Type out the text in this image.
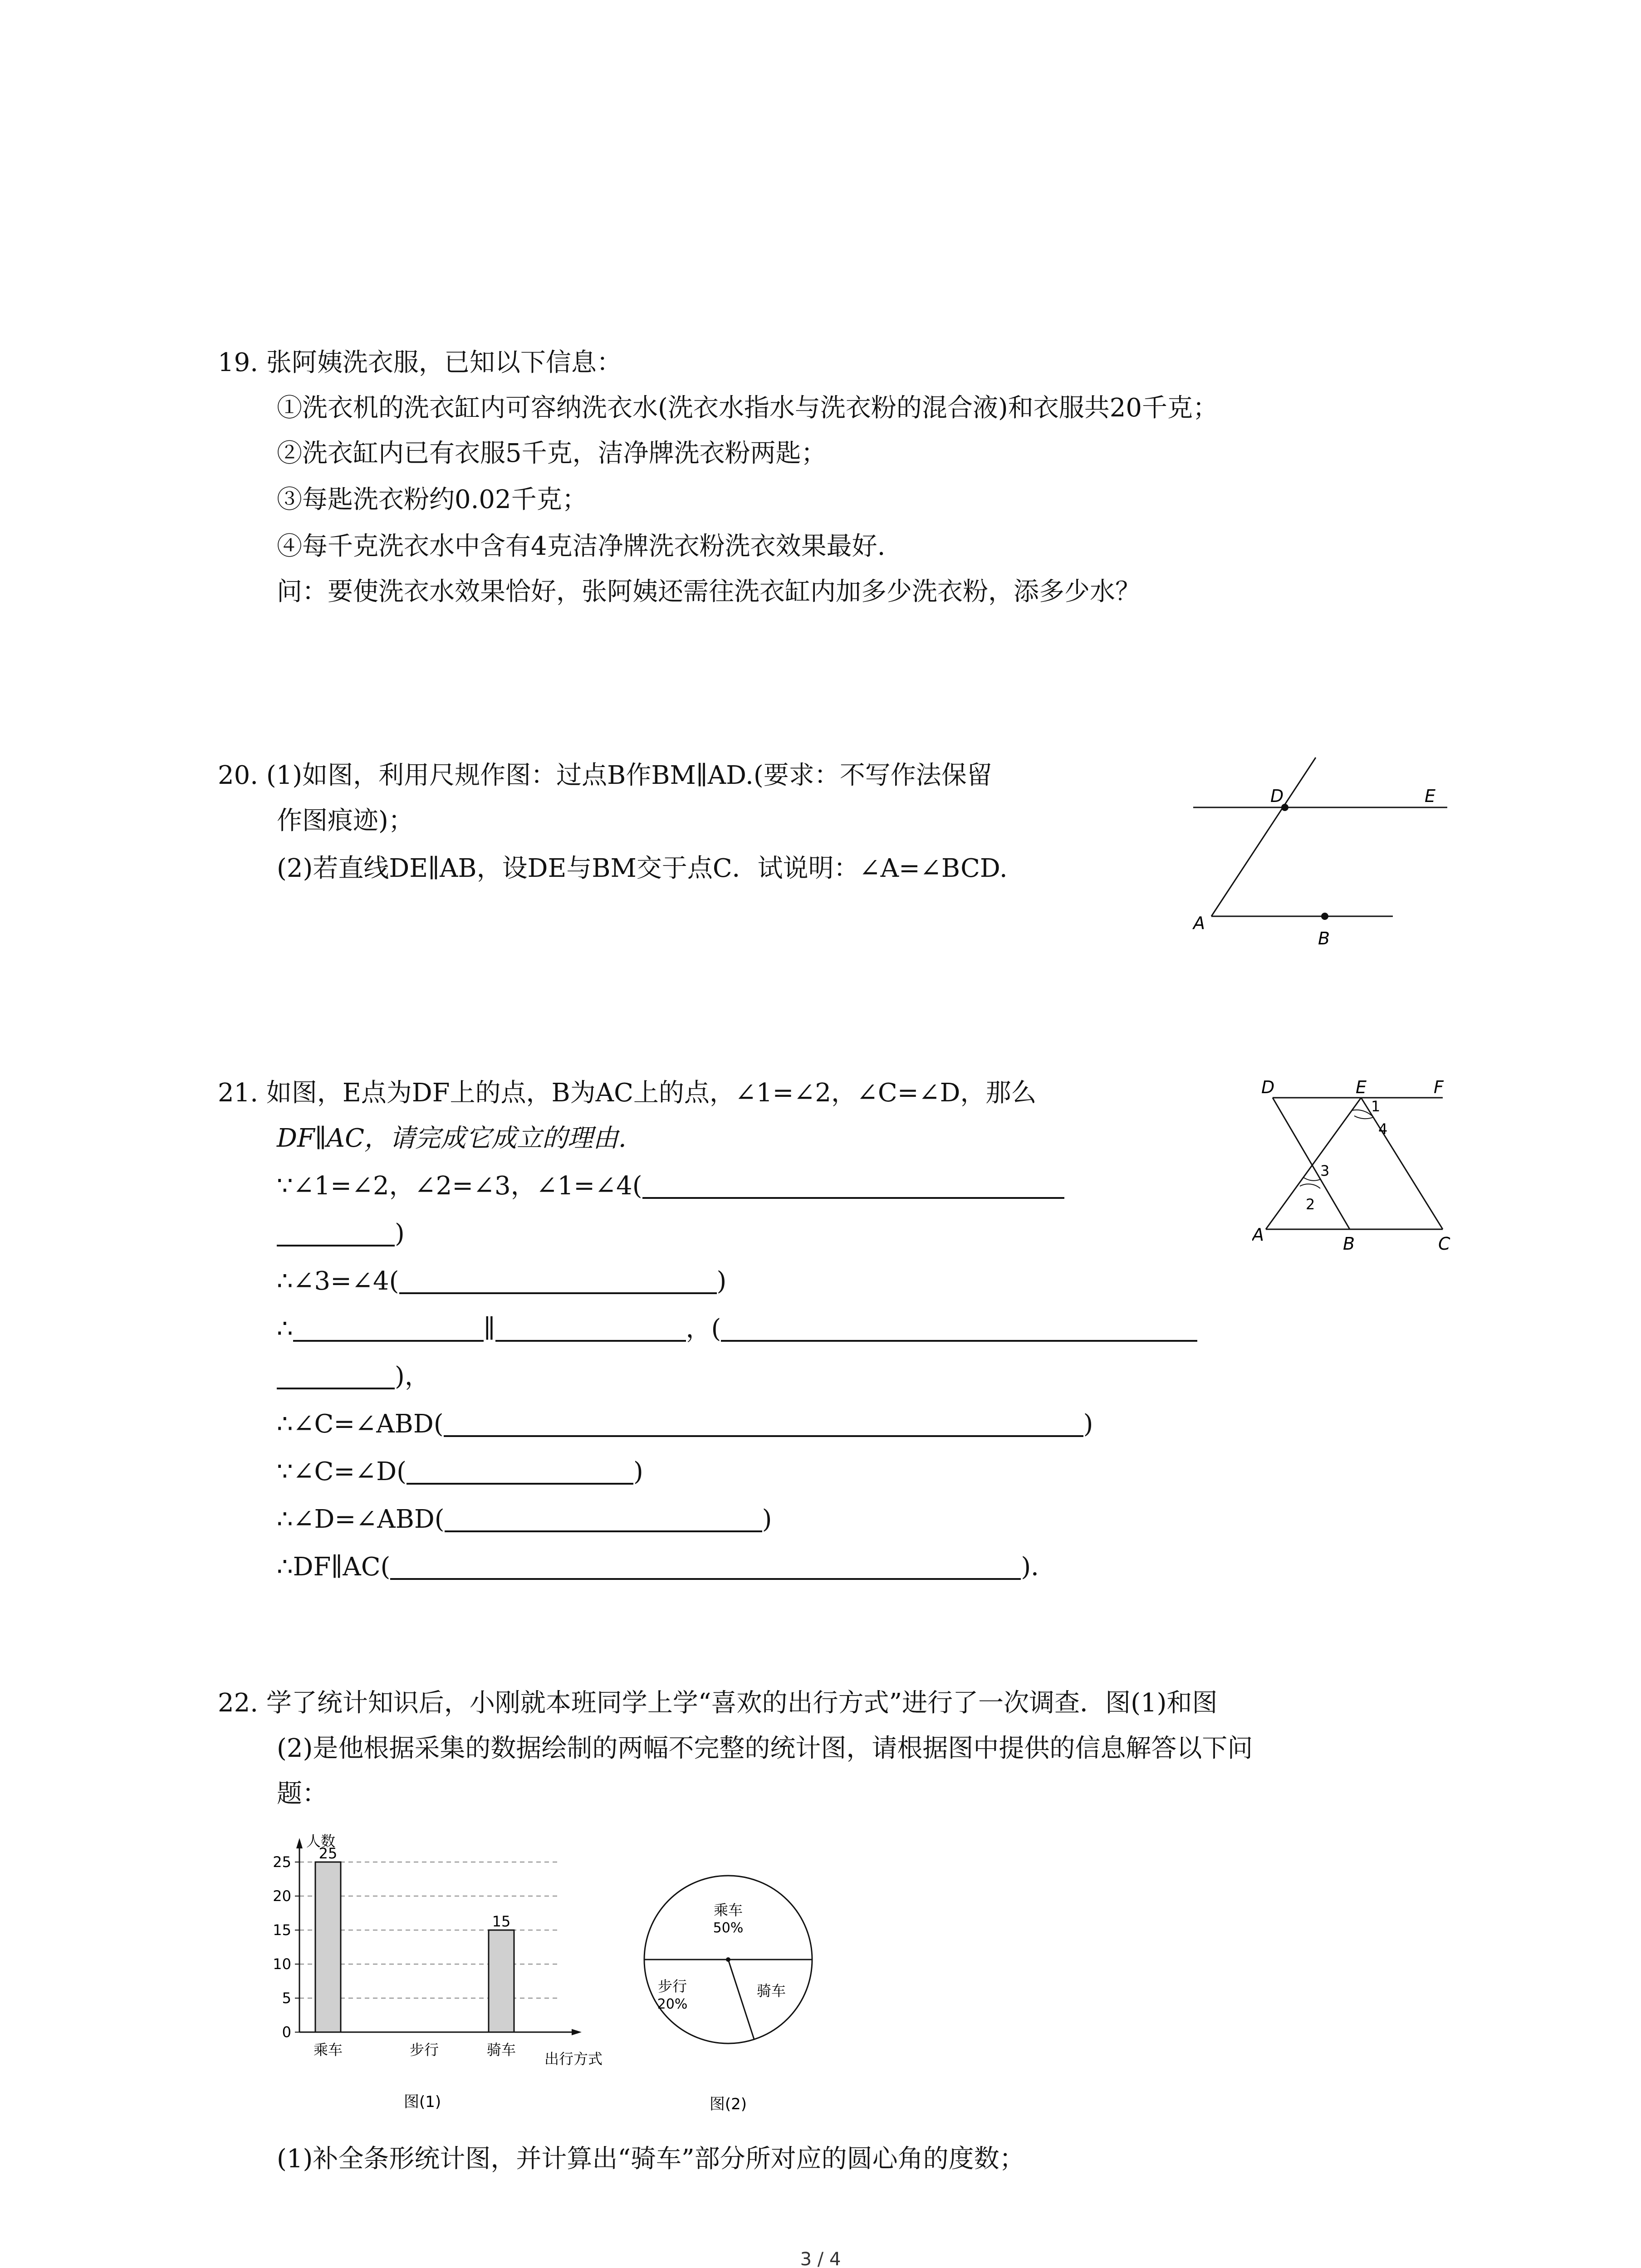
19. 张阿姨洗衣服，已知以下信息：
①洗衣机的洗衣缸内可容纳洗衣水(洗衣水指水与洗衣粉的混合液)和衣服共20千克；
②洗衣缸内已有衣服5千克，洁净牌洗衣粉两匙；
③每匙洗衣粉约0.02千克；
④每千克洗衣水中含有4克洁净牌洗衣粉洗衣效果最好.
问：要使洗衣水效果恰好，张阿姨还需往洗衣缸内加多少洗衣粉，添多少水？
20. (1)如图，利用尺规作图：过点B作BM∥AD.(要求：不写作法保留
作图痕迹)；
(2)若直线DE∥AB，设DE与BM交于点C．试说明：∠A=∠BCD.
D	E
A
B
21. 如图，E点为DF上的点，B为AC上的点，∠1=∠2，∠C=∠D，那么
DF∥AC，请完成它成立的理由.
∵∠1=∠2，∠2=∠3，∠1=∠4(
)
∴∠3=∠4(	)
∴	∥	，(
)，
∴∠C=∠ABD(	)
∵∠C=∠D(	)
∴∠D=∠ABD(	)
∴DF∥AC(	)．
1
4
3
2
D	E	F
A	B	C
22. 学了统计知识后，小刚就本班同学上学“喜欢的出行方式”进行了一次调查．图(1)和图
(2)是他根据采集的数据绘制的两幅不完整的统计图，请根据图中提供的信息解答以下问
题：
人数
出行方式
0
5
10
15
20
25 25
乘车	步行
15
骑车
图(1)
乘车
50%
步行
20%
骑车
图(2)
(1)补全条形统计图，并计算出“骑车”部分所对应的圆心角的度数；
3 / 4
